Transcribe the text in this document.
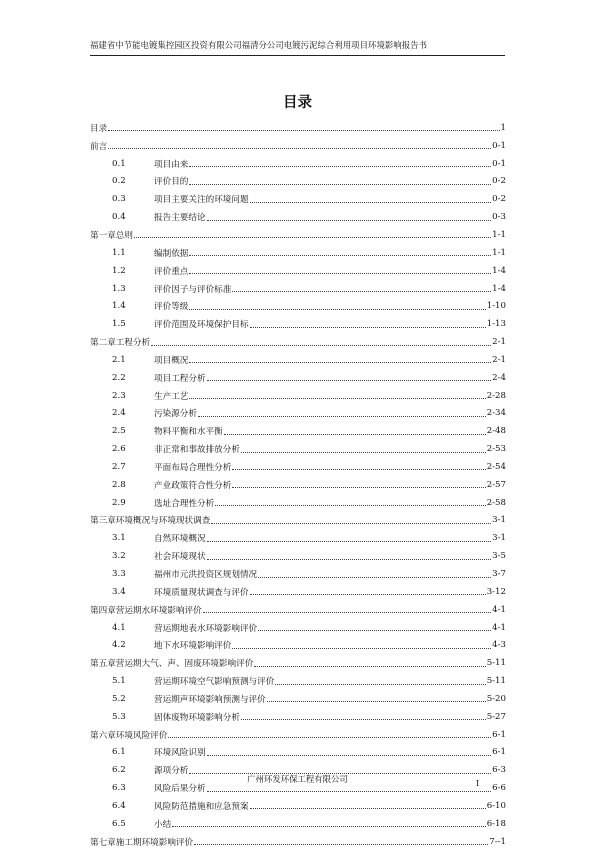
福建省中节能电镀集控园区投资有限公司福清分公司电镀污泥综合利用项目环境影响报告书
目录
目录	1
前言	0-1
0.1	项目由来	0-1
0.2	评价目的	0-2
0.3	项目主要关注的环境问题	0-2
0.4	报告主要结论	0-3
第一章总则	1-1
1.1	编制依据	1-1
1.2	评价重点	1-4
1.3	评价因子与评价标准	1-4
1.4	评价等级	1-10
1.5	评价范围及环境保护目标	1-13
第二章工程分析	2-1
2.1	项目概况	2-1
2.2	项目工程分析	2-4
2.3	生产工艺	2-28
2.4	污染源分析	2-34
2.5	物料平衡和水平衡	2-48
2.6	非正常和事故排放分析	2-53
2.7	平面布局合理性分析	2-54
2.8	产业政策符合性分析	2-57
2.9	选址合理性分析	2-58
第三章环境概况与环境现状调查	3-1
3.1	自然环境概况	3-1
3.2	社会环境现状	3-5
3.3	福州市元洪投资区规划情况	3-7
3.4	环境质量现状调查与评价	3-12
第四章营运期水环境影响评价	4-1
4.1	营运期地表水环境影响评价	4-1
4.2	地下水环境影响评价	4-3
第五章营运期大气、声、固废环境影响评价	5-11
5.1	营运期环境空气影响预测与评价	5-11
5.2	营运期声环境影响预测与评价	5-20
5.3	固体废物环境影响分析	5-27
第六章环境风险评价	6-1
6.1	环境风险识别	6-1
6.2	源项分析	6-3
6.3	风险后果分析	6-6
6.4	风险防范措施和应急预案	6-10
6.5	小结	6-18
第七章施工期环境影响评价	7--1
广州环发环保工程有限公司	I
